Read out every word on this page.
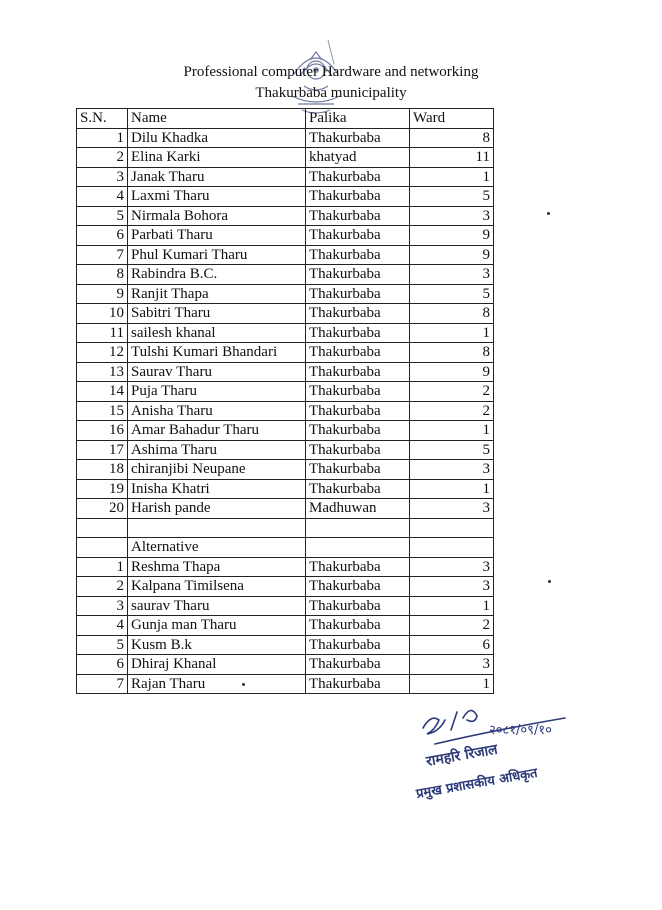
Professional computer Hardware and networking
Thakurbaba municipality
S.N.	Name	Palika	Ward
1	Dilu Khadka	Thakurbaba	8
2	Elina Karki	khatyad	11
3	Janak Tharu	Thakurbaba	1
4	Laxmi Tharu	Thakurbaba	5
5	Nirmala Bohora	Thakurbaba	3
6	Parbati Tharu	Thakurbaba	9
7	Phul Kumari Tharu	Thakurbaba	9
8	Rabindra B.C.	Thakurbaba	3
9	Ranjit Thapa	Thakurbaba	5
10	Sabitri Tharu	Thakurbaba	8
11	sailesh khanal	Thakurbaba	1
12	Tulshi Kumari Bhandari	Thakurbaba	8
13	Saurav Tharu	Thakurbaba	9
14	Puja Tharu	Thakurbaba	2
15	Anisha Tharu	Thakurbaba	2
16	Amar Bahadur Tharu	Thakurbaba	1
17	Ashima Tharu	Thakurbaba	5
18	chiranjibi Neupane	Thakurbaba	3
19	Inisha Khatri	Thakurbaba	1
20	Harish pande	Madhuwan	3

	Alternative		
1	Reshma Thapa	Thakurbaba	3
2	Kalpana Timilsena	Thakurbaba	3
3	saurav Tharu	Thakurbaba	1
4	Gunja man Tharu	Thakurbaba	2
5	Kusm B.k	Thakurbaba	6
6	Dhiraj Khanal	Thakurbaba	3
7	Rajan Tharu	Thakurbaba	1
२०८१/०९/१०
रामहरि रिजाल
प्रमुख प्रशासकीय अधिकृत
